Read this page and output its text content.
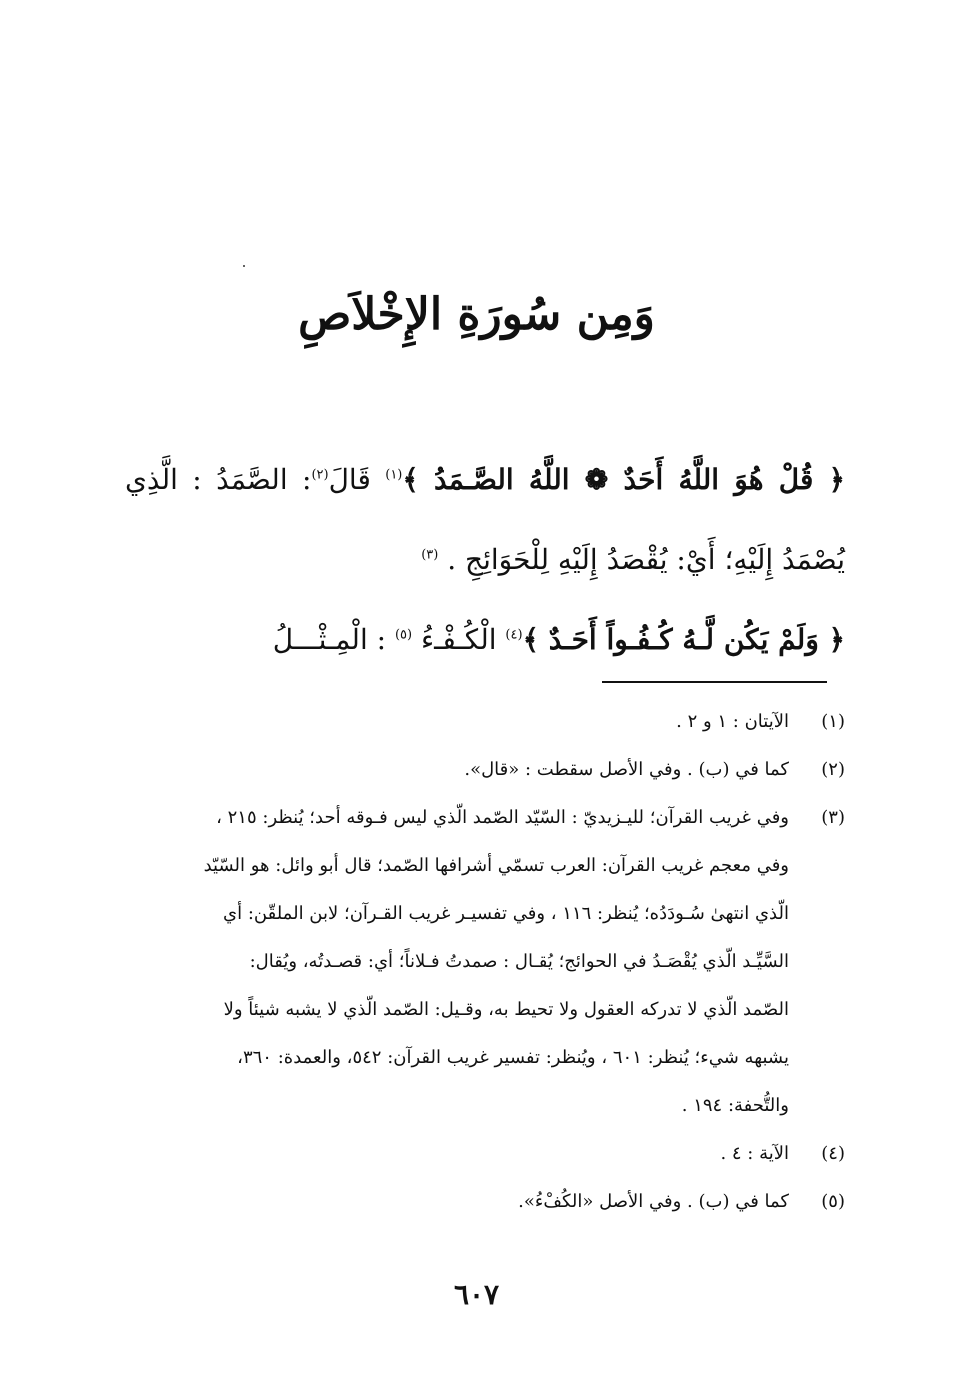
وَمِن سُورَةِ الإِخْلاَصِ

﴿ قُلْ هُوَ اللَّهُ أَحَدٌ ❁ اللَّهُ الصَّـمَدُ ﴾$^{(١)}$ قَالَ$^{(٢)}$: الصَّمَدُ : الَّذِي يُصْمَدُ إِلَيْهِ؛ أَيْ: يُقْصَدُ إِلَيْهِ لِلْحَوَائِجِ . $^{(٣)}$

﴿ وَلَمْ يَكُن لَّـهُ كُـفُـواً أَحَـدٌ ﴾$^{(٤)}$ الْكُـفْـءُ $^{(٥)}$ : الْمِـثْـــلُ

(١)
الآيتان : ١ و ٢ .
(٢)
كما في (ب) . وفي الأصل سقطت : «قال».
(٣)
وفي غريب القرآن؛ لليـزيديّ : السّيّد الصّمد الّذي ليس فـوقه أحد؛ يُنظر: ٢١٥ ،
وفي معجم غريب القرآن: العرب تسمّي أشرافها الصّمد؛ قال أبو وائل: هو السّيّد
الّذي انتهىٰ سُـودَدُه؛ يُنظر: ١١٦ ، وفي تفسيـر غريب القـرآن؛ لابن الملقّن: أي
السَّيِّـد الّذي يُقْصَـدُ في الحوائج؛ يُقـال : صمدتُ فـلاناً؛ أي: قصـدتُه، ويُقال:
الصّمد الّذي لا تدركه العقول ولا تحيط به، وقـيل: الصّمد الّذي لا يشبه شيئاً ولا
يشبهه شيء؛ يُنظر: ٦٠١ ، ويُنظر: تفسير غريب القرآن: ٥٤٢، والعمدة: ٣٦٠،
والتُّحفة: ١٩٤ .
(٤)
الآية : ٤ .
(٥)
كما في (ب) . وفي الأصل «الكُفْءُ».
٦٠٧
